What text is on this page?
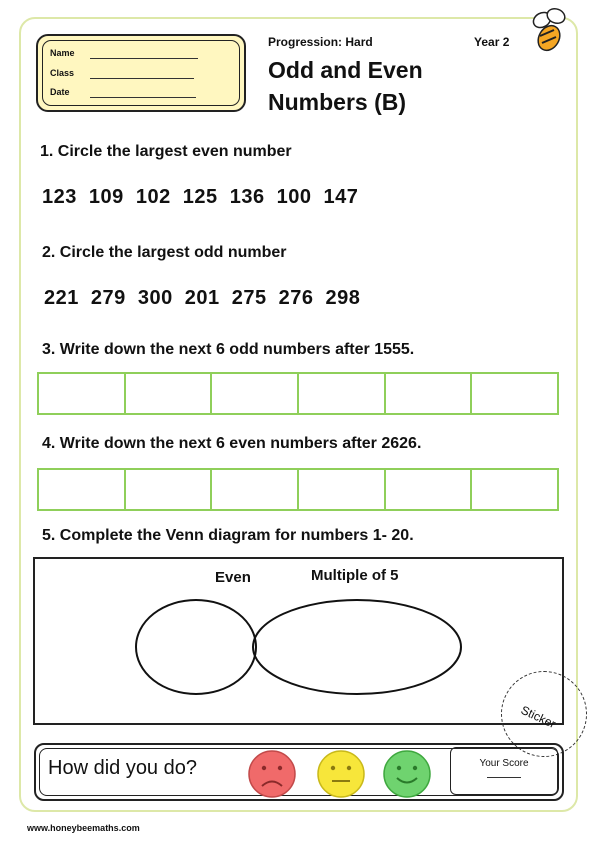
Name
Class
Date
Progression: Hard	Year 2
Odd and Even
Numbers (B)
1. Circle the largest even number
123 109 102 125 136 100 147
2. Circle the largest odd number
221 279 300 201 275 276 298
3. Write down the next 6 odd numbers after 1555.
4. Write down the next 6 even numbers after 2626.
5. Complete the Venn diagram for numbers 1- 20.
Even	Multiple of 5
Sticker
How did you do?	Your Score
www.honeybeemaths.com
